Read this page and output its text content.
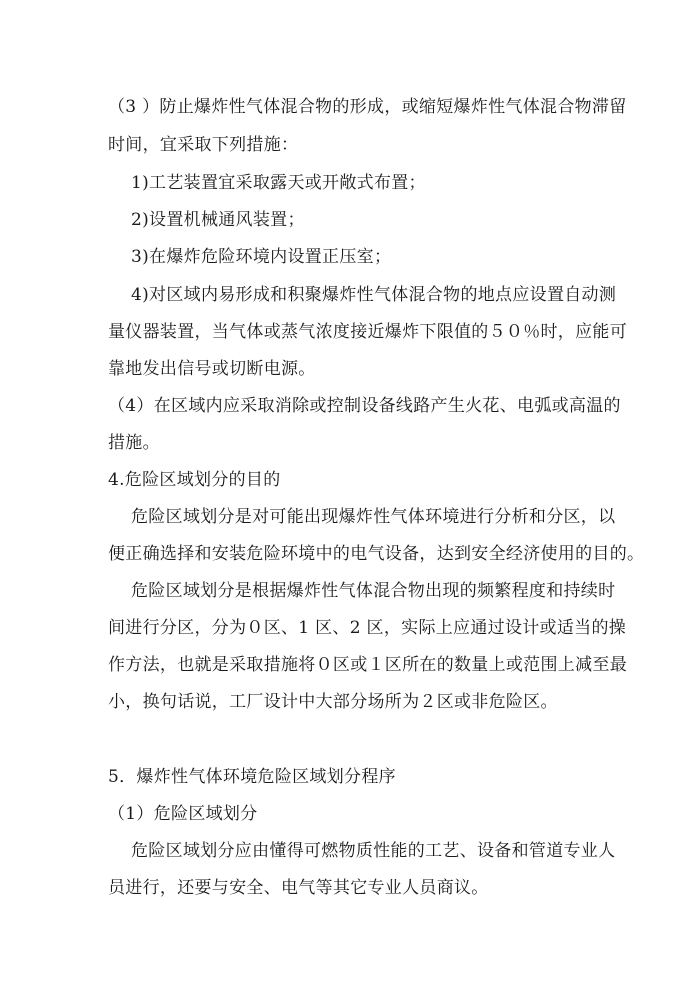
（3 ）防止爆炸性气体混合物的形成，或缩短爆炸性气体混合物滞留
时间，宜采取下列措施：
1)工艺装置宜采取露天或开敞式布置；
2)设置机械通风装置；
3)在爆炸危险环境内设置正压室；
4)对区域内易形成和积聚爆炸性气体混合物的地点应设置自动测
量仪器装置，当气体或蒸气浓度接近爆炸下限值的５０％时，应能可
靠地发出信号或切断电源。
（4）在区域内应采取消除或控制设备线路产生火花、电弧或高温的
措施。
4.危险区域划分的目的
危险区域划分是对可能出现爆炸性气体环境进行分析和分区，以
便正确选择和安装危险环境中的电气设备，达到安全经济使用的目的。
危险区域划分是根据爆炸性气体混合物出现的频繁程度和持续时
间进行分区，分为０区、1 区、2 区，实际上应通过设计或适当的操
作方法，也就是采取措施将０区或１区所在的数量上或范围上减至最
小，换句话说，工厂设计中大部分场所为２区或非危险区。
5．爆炸性气体环境危险区域划分程序
（1）危险区域划分
危险区域划分应由懂得可燃物质性能的工艺、设备和管道专业人
员进行，还要与安全、电气等其它专业人员商议。
